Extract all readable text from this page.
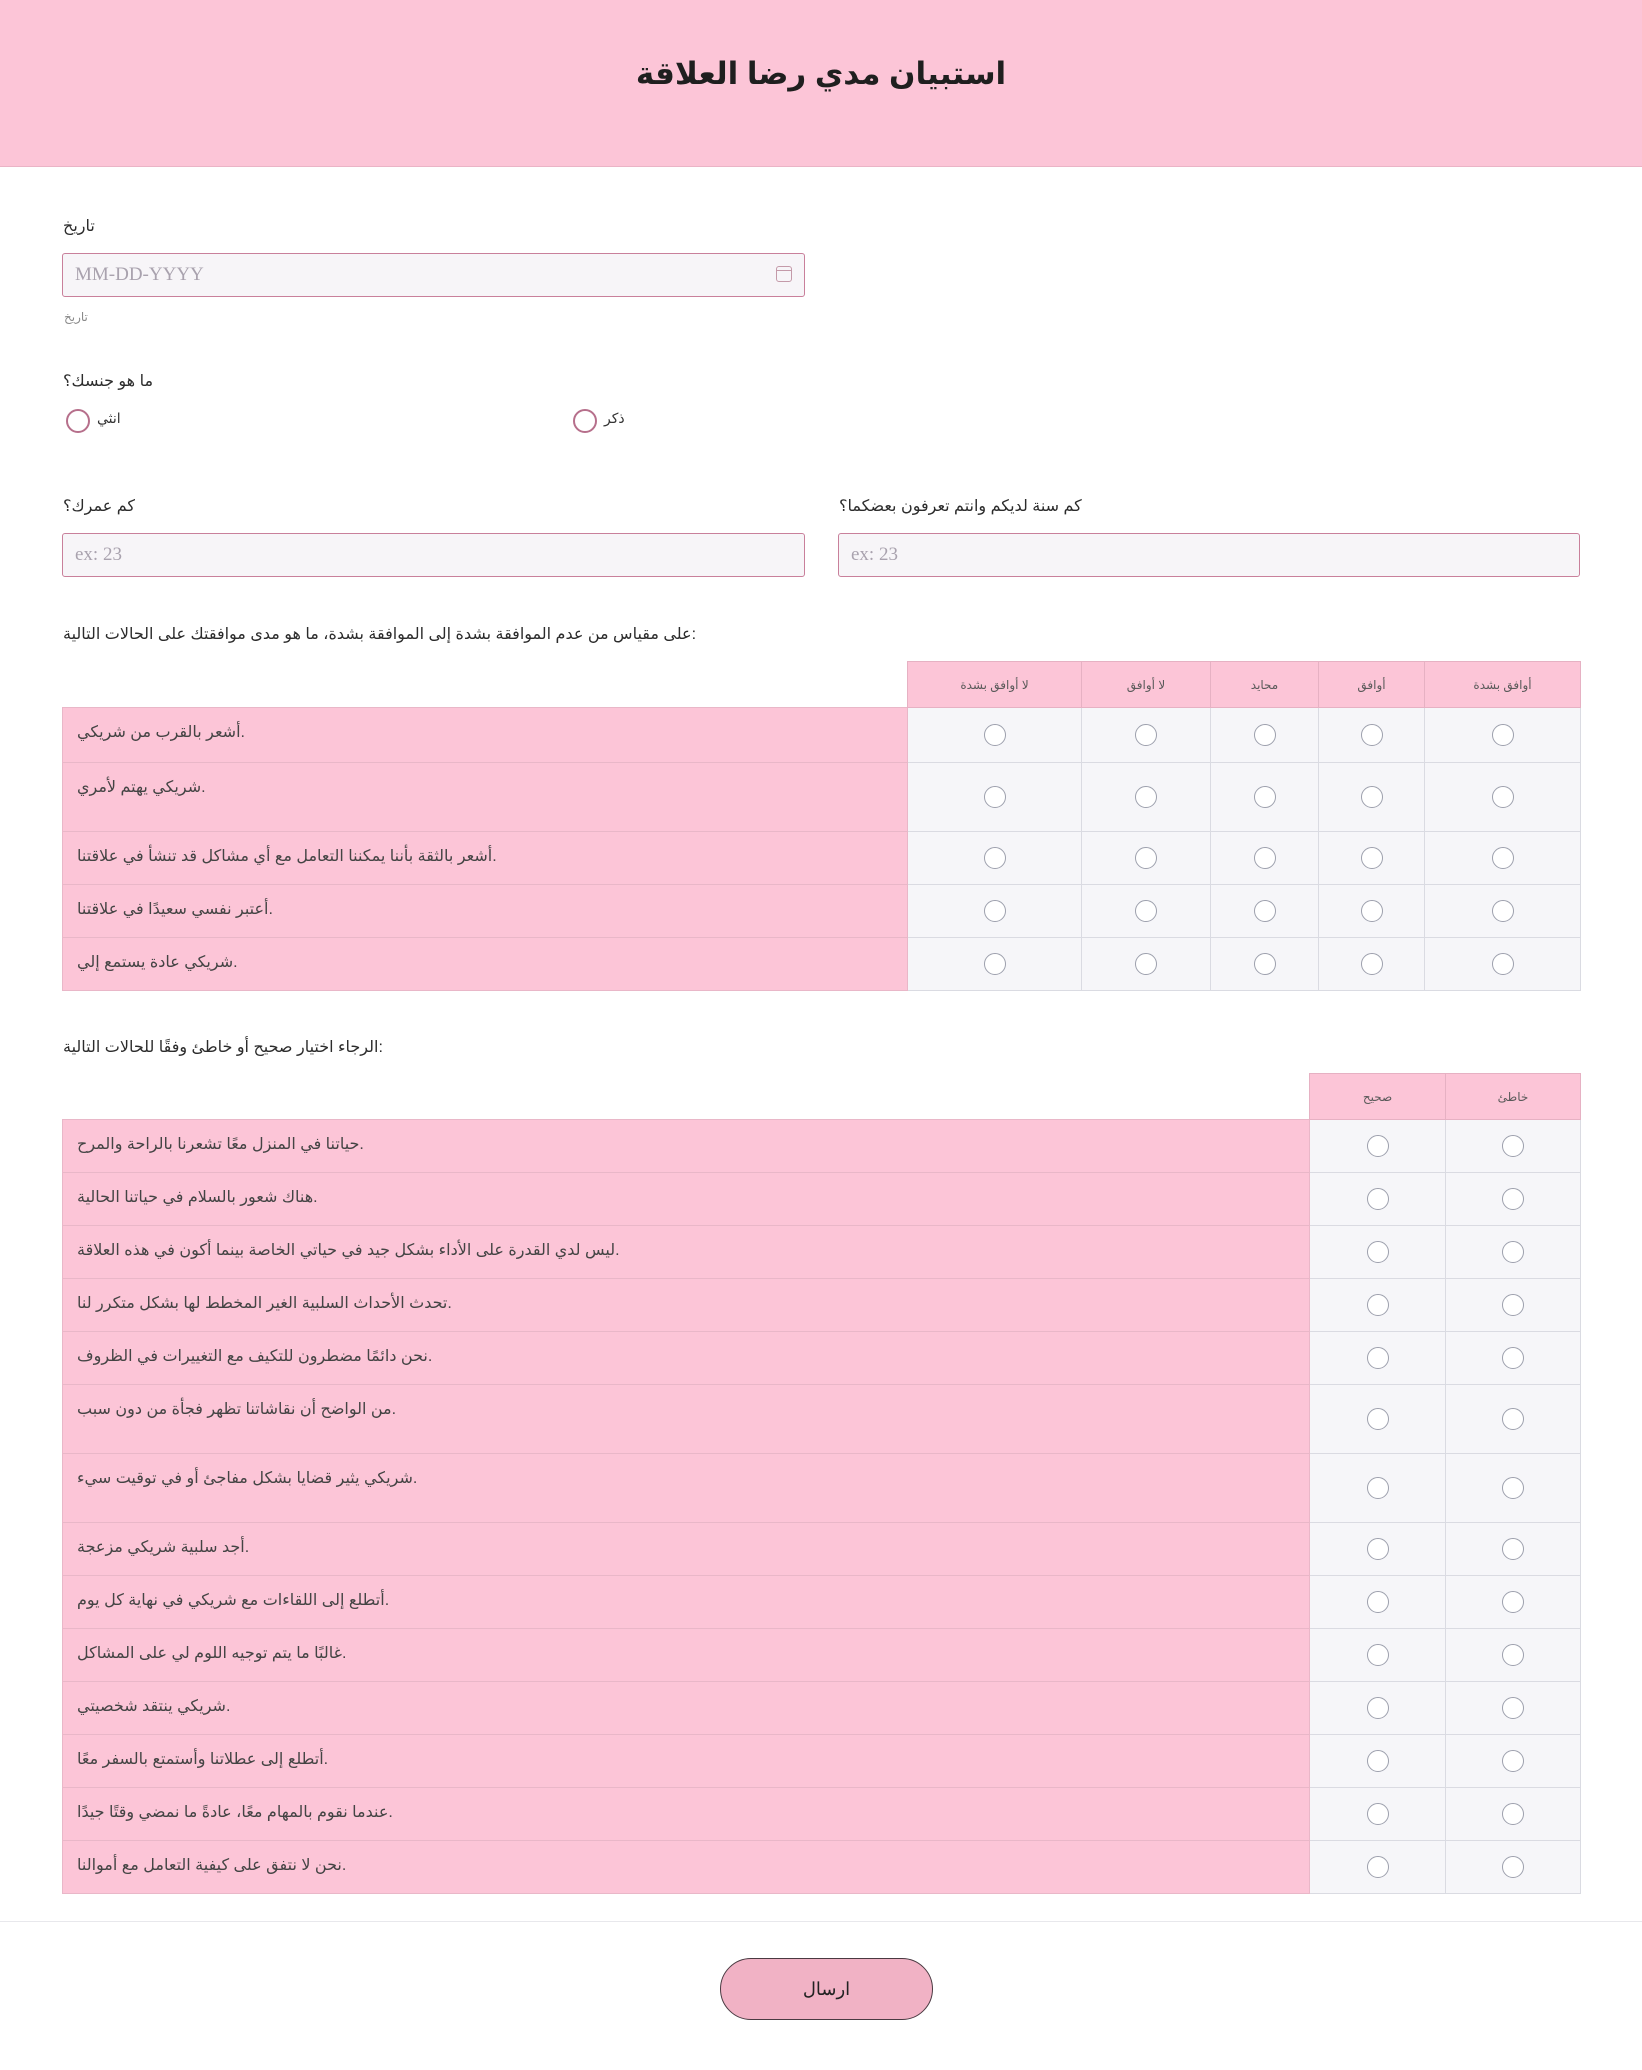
استبيان مدي رضا العلاقة
تاريخ
MM-DD-YYYY
تاريخ
ما هو جنسك؟
انثي	ذكر
كم عمرك؟
ex: 23
كم سنة لديكم وانتم تعرفون بعضكما؟
ex: 23
على مقياس من عدم الموافقة بشدة إلى الموافقة بشدة، ما هو مدى موافقتك على الحالات التالية:
	لا أوافق بشدة	لا أوافق	محايد	أوافق	أوافق بشدة
أشعر بالقرب من شريكي.					
شريكي يهتم لأمري.					
أشعر بالثقة بأننا يمكننا التعامل مع أي مشاكل قد تنشأ في علاقتنا.					
أعتبر نفسي سعيدًا في علاقتنا.					
شريكي عادة يستمع إلي.					
الرجاء اختيار صحيح أو خاطئ وفقًا للحالات التالية:
	صحيح	خاطئ
حياتنا في المنزل معًا تشعرنا بالراحة والمرح.		
هناك شعور بالسلام في حياتنا الحالية.		
ليس لدي القدرة على الأداء بشكل جيد في حياتي الخاصة بينما أكون في هذه العلاقة.		
تحدث الأحداث السلبية الغير المخطط لها بشكل متكرر لنا.		
نحن دائمًا مضطرون للتكيف مع التغييرات في الظروف.		
من الواضح أن نقاشاتنا تظهر فجأة من دون سبب.		
شريكي يثير قضايا بشكل مفاجئ أو في توقيت سيء.		
أجد سلبية شريكي مزعجة.		
أتطلع إلى اللقاءات مع شريكي في نهاية كل يوم.		
غالبًا ما يتم توجيه اللوم لي على المشاكل.		
شريكي ينتقد شخصيتي.		
أتطلع إلى عطلاتنا وأستمتع بالسفر معًا.		
عندما نقوم بالمهام معًا، عادةً ما نمضي وقتًا جيدًا.		
نحن لا نتفق على كيفية التعامل مع أموالنا.		
ارسال
